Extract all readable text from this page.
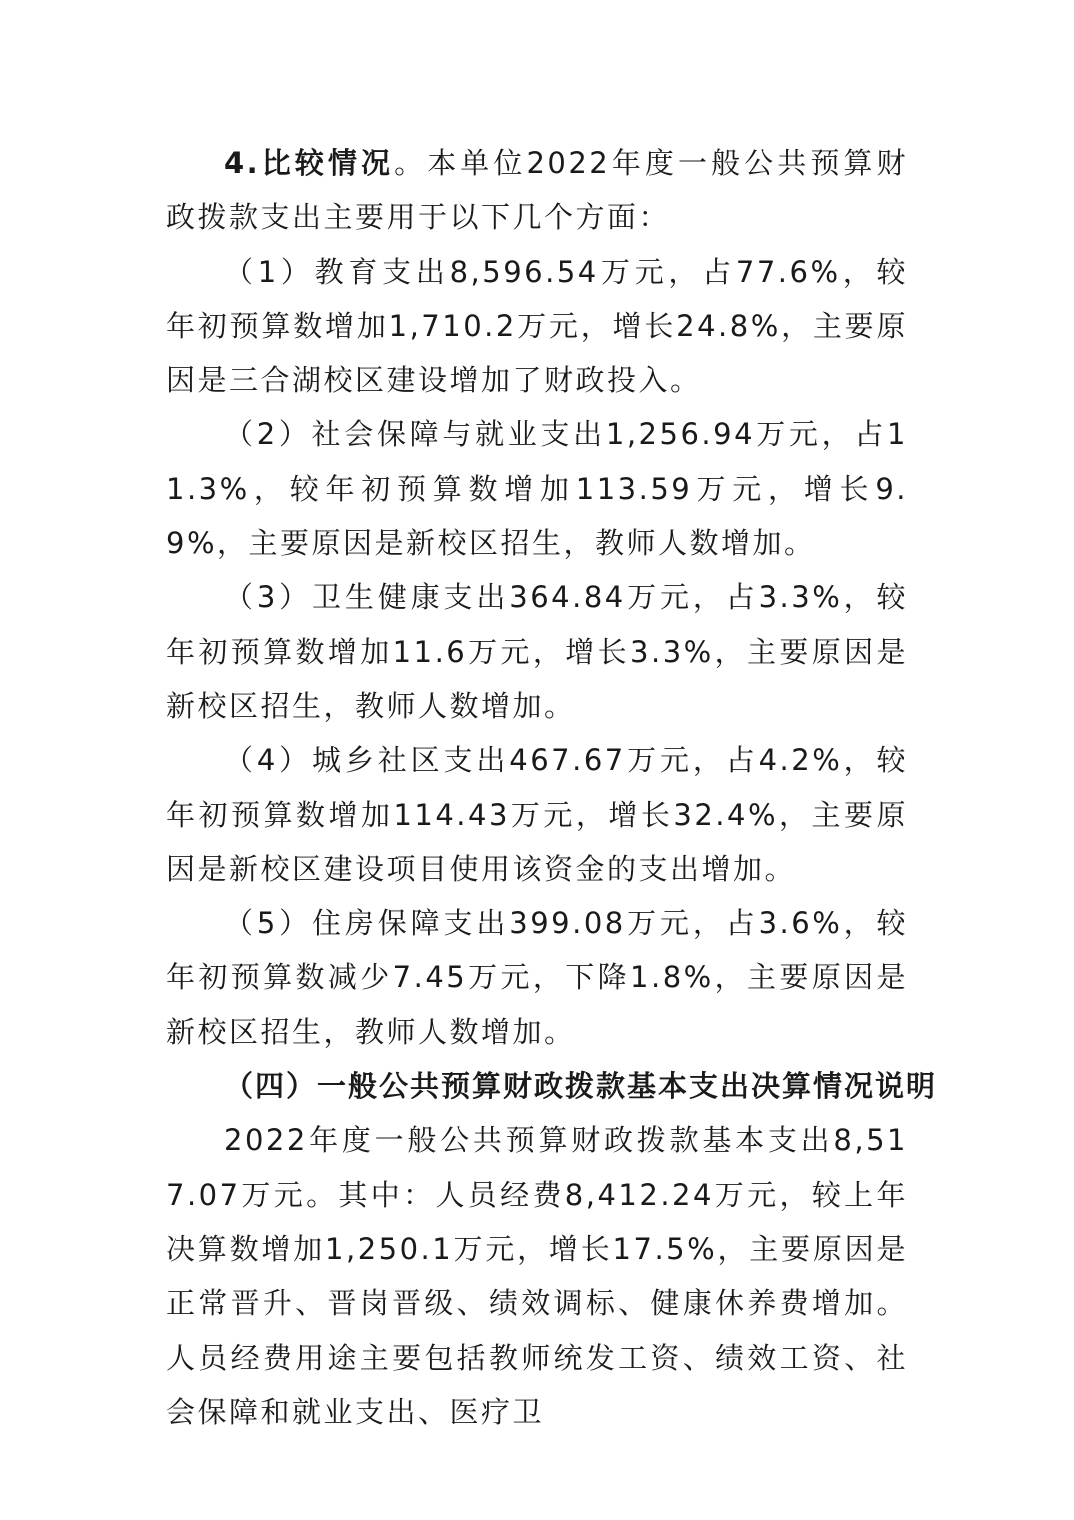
4.比较情况。本单位2022年度一般公共预算财政拨款支出主要用于以下几个方面：

（1）教育支出8,596.54万元，占77.6%，较年初预算数增加1,710.2万元，增长24.8%，主要原因是三合湖校区建设增加了财政投入。

（2）社会保障与就业支出1,256.94万元，占11.3%，较年初预算数增加113.59万元，增长9.9%，主要原因是新校区招生，教师人数增加。

（3）卫生健康支出364.84万元，占3.3%，较年初预算数增加11.6万元，增长3.3%，主要原因是新校区招生，教师人数增加。

（4）城乡社区支出467.67万元，占4.2%，较年初预算数增加114.43万元，增长32.4%，主要原因是新校区建设项目使用该资金的支出增加。

（5）住房保障支出399.08万元，占3.6%，较年初预算数减少7.45万元，下降1.8%，主要原因是新校区招生，教师人数增加。

（四）一般公共预算财政拨款基本支出决算情况说明

2022年度一般公共预算财政拨款基本支出8,517.07万元。其中：人员经费8,412.24万元，较上年决算数增加1,250.1万元，增长17.5%，主要原因是正常晋升、晋岗晋级、绩效调标、健康休养费增加。人员经费用途主要包括教师统发工资、绩效工资、社会保障和就业支出、医疗卫
